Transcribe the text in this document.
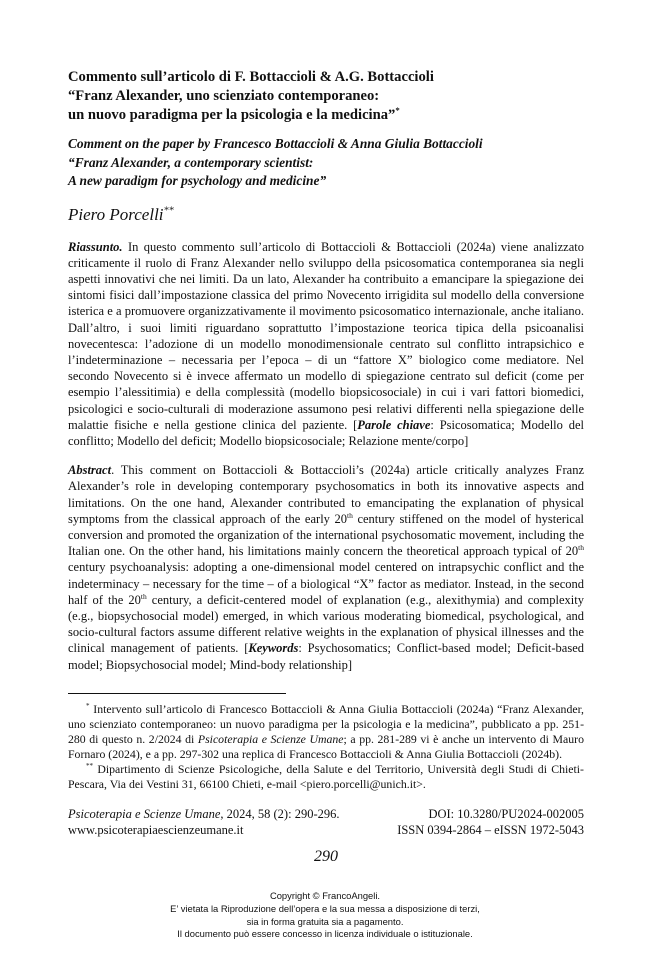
Commento sull’articolo di F. Bottaccioli & A.G. Bottaccioli
“Franz Alexander, uno scienziato contemporaneo:
un nuovo paradigma per la psicologia e la medicina”*
Comment on the paper by Francesco Bottaccioli & Anna Giulia Bottaccioli
“Franz Alexander, a contemporary scientist:
A new paradigm for psychology and medicine”
Piero Porcelli**
Riassunto. In questo commento sull’articolo di Bottaccioli & Bottaccioli (2024a) viene analizzato criticamente il ruolo di Franz Alexander nello sviluppo della psicosomatica contemporanea sia negli aspetti innovativi che nei limiti. Da un lato, Alexander ha contribuito a emancipare la spiegazione dei sintomi fisici dall’impostazione classica del primo Novecento irrigidita sul modello della conversione isterica e a promuovere organizzativamente il movimento psicosomatico internazionale, anche italiano. Dall’altro, i suoi limiti riguardano soprattutto l’impostazione teorica tipica della psicoanalisi novecentesca: l’adozione di un modello monodimensionale centrato sul conflitto intrapsichico e l’indeterminazione – necessaria per l’epoca – di un “fattore X” biologico come mediatore. Nel secondo Novecento si è invece affermato un modello di spiegazione centrato sul deficit (come per esempio l’alessitimia) e della complessità (modello biopsicosociale) in cui i vari fattori biomedici, psicologici e socio-culturali di moderazione assumono pesi relativi differenti nella spiegazione delle malattie fisiche e nella gestione clinica del paziente. [Parole chiave: Psicosomatica; Modello del conflitto; Modello del deficit; Modello biopsicosociale; Relazione mente/corpo]
Abstract. This comment on Bottaccioli & Bottaccioli’s (2024a) article critically analyzes Franz Alexander’s role in developing contemporary psychosomatics in both its innovative aspects and limitations. On the one hand, Alexander contributed to emancipating the explanation of physical symptoms from the classical approach of the early 20th century stiffened on the model of hysterical conversion and promoted the organization of the international psychosomatic movement, including the Italian one. On the other hand, his limitations mainly concern the theoretical approach typical of 20th century psychoanalysis: adopting a one-dimensional model centered on intrapsychic conflict and the indeterminacy – necessary for the time – of a biological “X” factor as mediator. Instead, in the second half of the 20th century, a deficit-centered model of explanation (e.g., alexithymia) and complexity (e.g., biopsychosocial model) emerged, in which various moderating biomedical, psychological, and socio-cultural factors assume different relative weights in the explanation of physical illnesses and the clinical management of patients. [Keywords: Psychosomatics; Conflict-based model; Deficit-based model; Biopsychosocial model; Mind-body relationship]
* Intervento sull’articolo di Francesco Bottaccioli & Anna Giulia Bottaccioli (2024a) “Franz Alexander, uno scienziato contemporaneo: un nuovo paradigma per la psicologia e la medicina”, pubblicato a pp. 251-280 di questo n. 2/2024 di Psicoterapia e Scienze Umane; a pp. 281-289 vi è anche un intervento di Mauro Fornaro (2024), e a pp. 297-302 una replica di Francesco Bottaccioli & Anna Giulia Bottaccioli (2024b).
** Dipartimento di Scienze Psicologiche, della Salute e del Territorio, Università degli Studi di Chieti-Pescara, Via dei Vestini 31, 66100 Chieti, e-mail <piero.porcelli@unich.it>.
Psicoterapia e Scienze Umane, 2024, 58 (2): 290-296.	DOI: 10.3280/PU2024-002005
www.psicoterapiaescienzeumane.it	ISSN 0394-2864 – eISSN 1972-5043
290
Copyright © FrancoAngeli.
E’ vietata la Riproduzione dell’opera e la sua messa a disposizione di terzi,
sia in forma gratuita sia a pagamento.
Il documento può essere concesso in licenza individuale o istituzionale.
